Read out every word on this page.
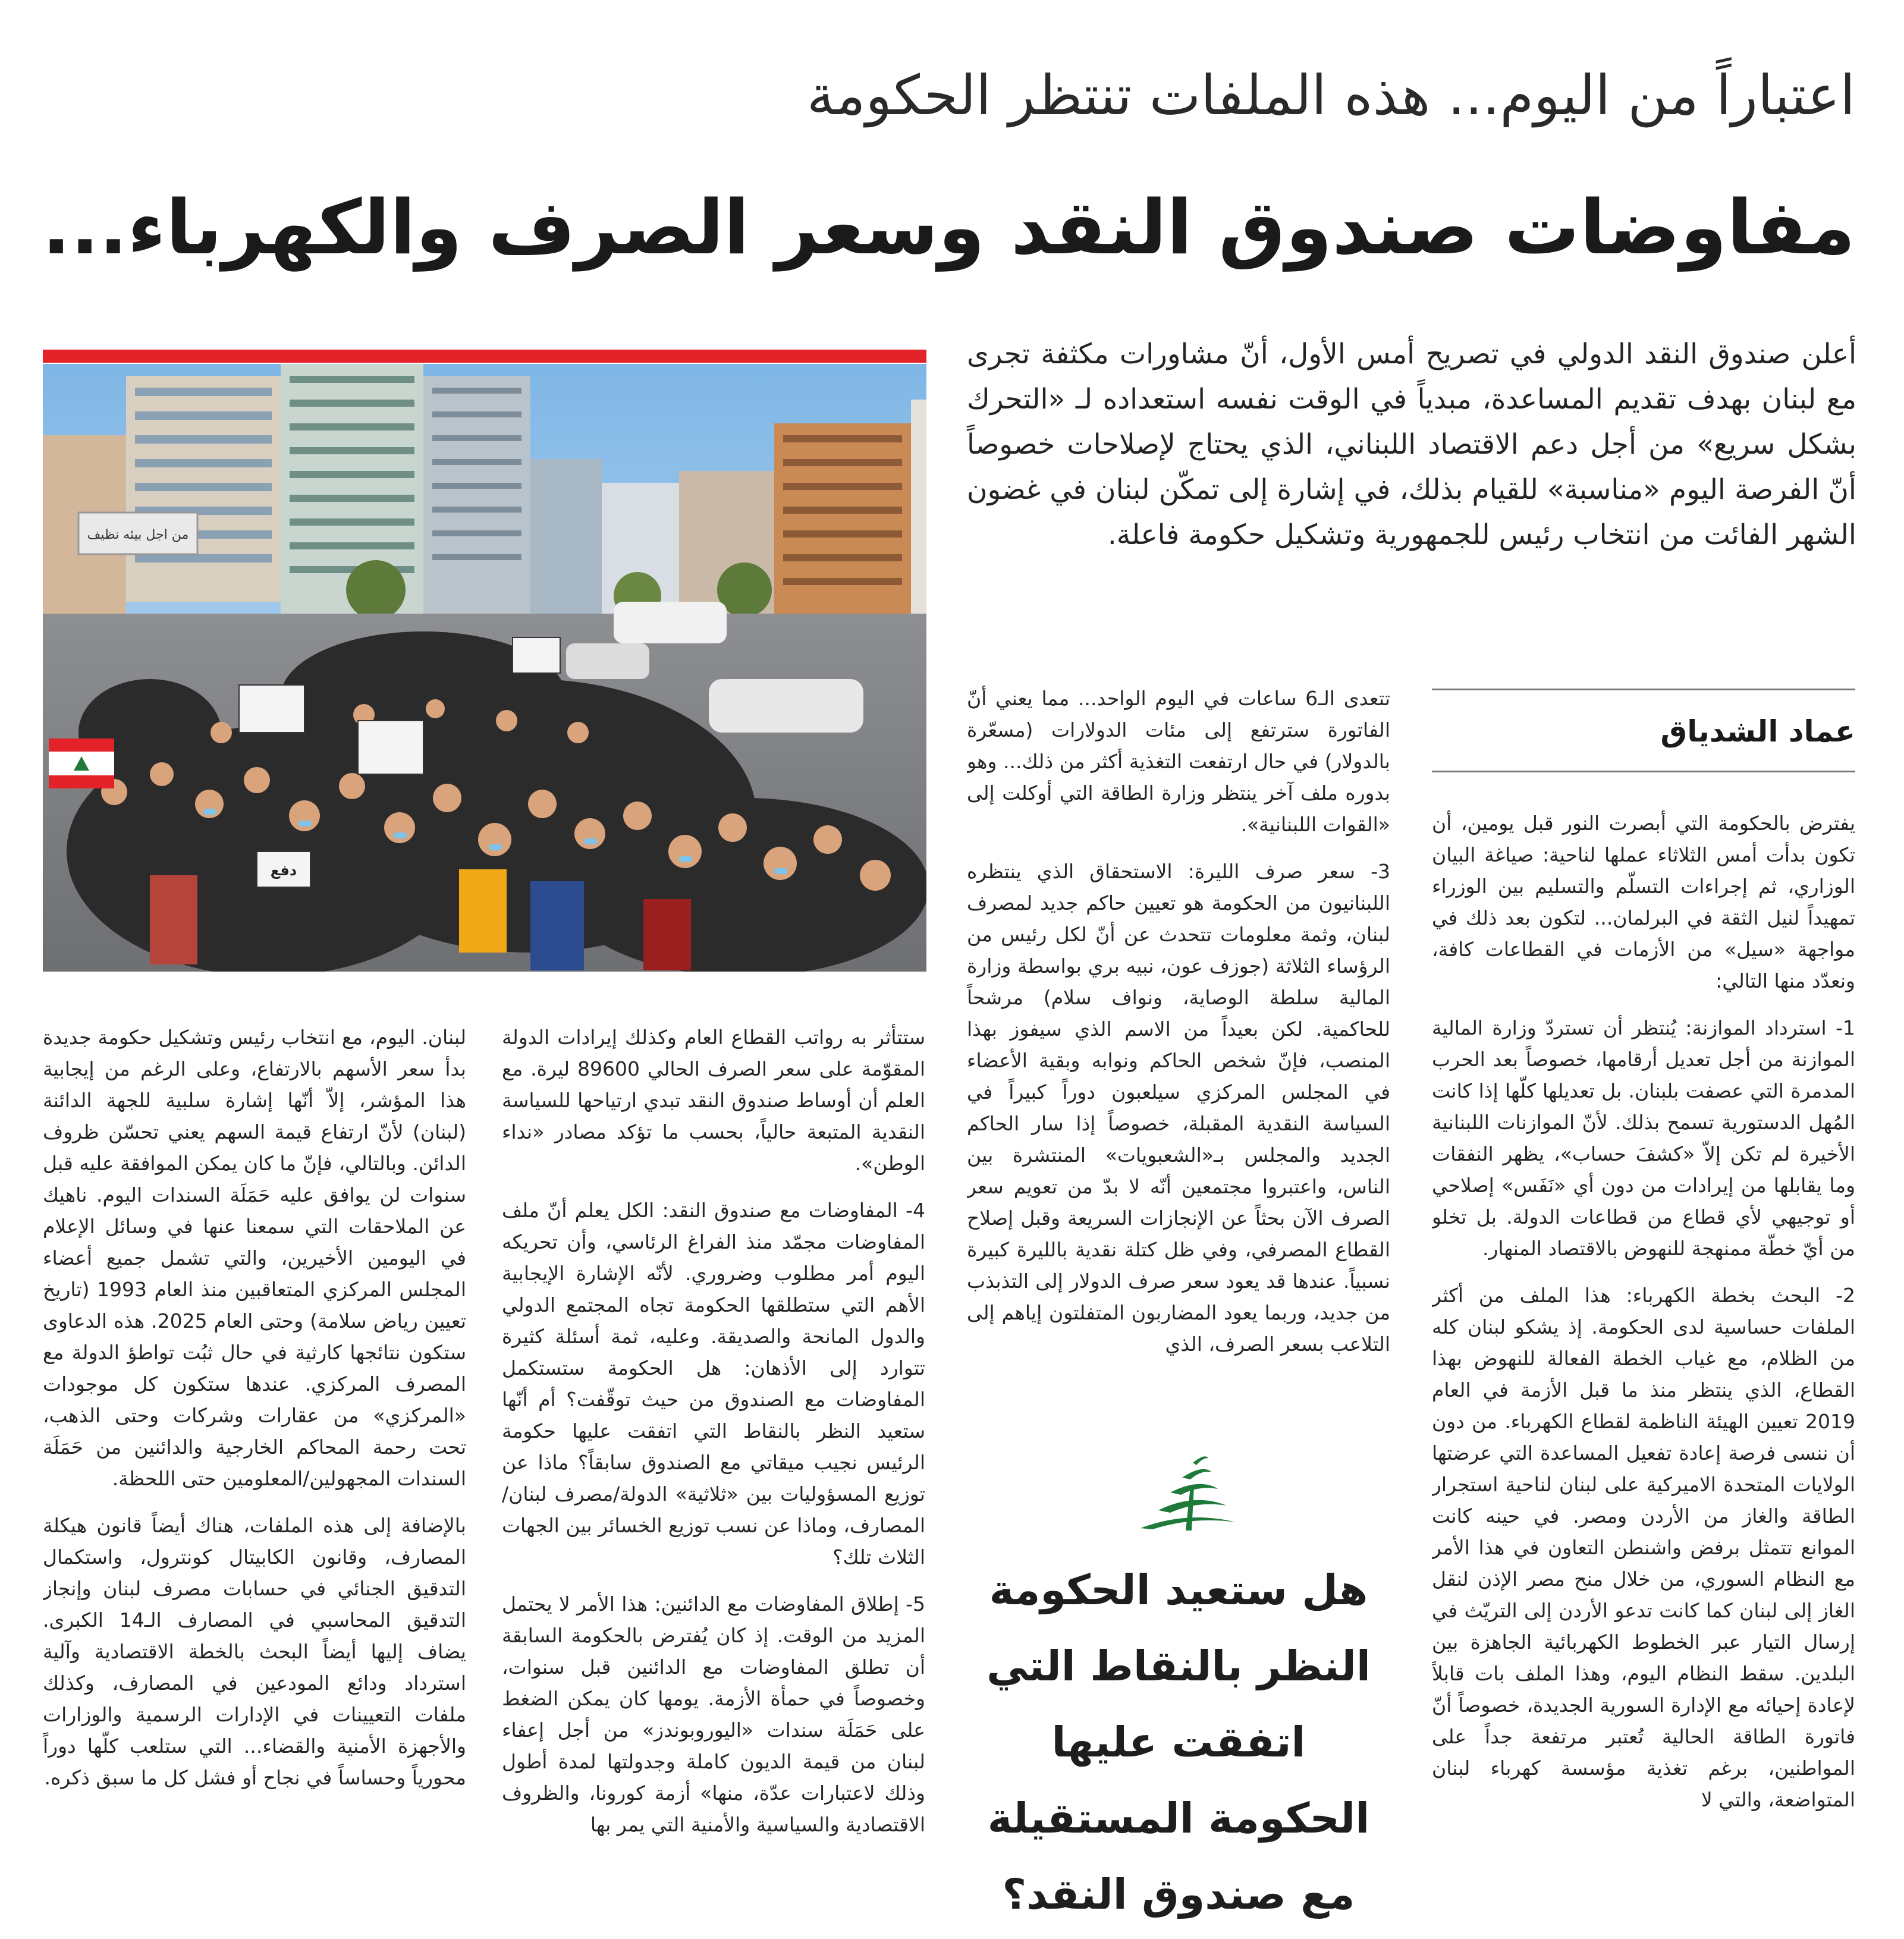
اعتباراً من اليوم... هذه الملفات تنتظر الحكومة
مفاوضات صندوق النقد وسعر الصرف والكهرباء...
أعلن صندوق النقد الدولي في تصريح أمس الأول، أنّ مشاورات مكثفة تجرى مع لبنان بهدف تقديم المساعدة، مبدياً في الوقت نفسه استعداده لـ «التحرك بشكل سريع» من أجل دعم الاقتصاد اللبناني، الذي يحتاج لإصلاحات خصوصاً أنّ الفرصة اليوم «مناسبة» للقيام بذلك، في إشارة إلى تمكّن لبنان في غضون الشهر الفائت من انتخاب رئيس للجمهورية وتشكيل حكومة فاعلة.
عماد الشدياق

يفترض بالحكومة التي أبصرت النور قبل يومين، أن تكون بدأت أمس الثلاثاء عملها لناحية: صياغة البيان الوزاري، ثم إجراءات التسلّم والتسليم بين الوزراء تمهيداً لنيل الثقة في البرلمان... لتكون بعد ذلك في مواجهة «سيل» من الأزمات في القطاعات كافة، ونعدّد منها التالي:

1- استرداد الموازنة: يُنتظر أن تستردّ وزارة المالية الموازنة من أجل تعديل أرقامها، خصوصاً بعد الحرب المدمرة التي عصفت بلبنان. بل تعديلها كلّها إذا كانت المُهل الدستورية تسمح بذلك. لأنّ الموازنات اللبنانية الأخيرة لم تكن إلاّ «كشفَ حساب»، يظهر النفقات وما يقابلها من إيرادات من دون أي «نَفَس» إصلاحي أو توجيهي لأي قطاع من قطاعات الدولة. بل تخلو من أيّ خطّة ممنهجة للنهوض بالاقتصاد المنهار.

2- البحث بخطة الكهرباء: هذا الملف من أكثر الملفات حساسية لدى الحكومة. إذ يشكو لبنان كله من الظلام، مع غياب الخطة الفعالة للنهوض بهذا القطاع، الذي ينتظر منذ ما قبل الأزمة في العام 2019 تعيين الهيئة الناظمة لقطاع الكهرباء. من دون أن ننسى فرصة إعادة تفعيل المساعدة التي عرضتها الولايات المتحدة الاميركية على لبنان لناحية استجرار الطاقة والغاز من الأردن ومصر. في حينه كانت الموانع تتمثل برفض واشنطن التعاون في هذا الأمر مع النظام السوري، من خلال منح مصر الإذن لنقل الغاز إلى لبنان كما كانت تدعو الأردن إلى التريّث في إرسال التيار عبر الخطوط الكهربائية الجاهزة بين البلدين. سقط النظام اليوم، وهذا الملف بات قابلاً لإعادة إحيائه مع الإدارة السورية الجديدة، خصوصاً أنّ فاتورة الطاقة الحالية تُعتبر مرتفعة جداً على المواطنين، برغم تغذية مؤسسة كهرباء لبنان المتواضعة، والتي لا

تتعدى الـ6 ساعات في اليوم الواحد... مما يعني أنّ الفاتورة سترتفع إلى مئات الدولارات (مسعّرة بالدولار) في حال ارتفعت التغذية أكثر من ذلك... وهو بدوره ملف آخر ينتظر وزارة الطاقة التي أوكلت إلى «القوات اللبنانية».

3- سعر صرف الليرة: الاستحقاق الذي ينتظره اللبنانيون من الحكومة هو تعيين حاكم جديد لمصرف لبنان، وثمة معلومات تتحدث عن أنّ لكل رئيس من الرؤساء الثلاثة (جوزف عون، نبيه بري بواسطة وزارة المالية سلطة الوصاية، ونواف سلام) مرشحاً للحاكمية. لكن بعيداً من الاسم الذي سيفوز بهذا المنصب، فإنّ شخص الحاكم ونوابه وبقية الأعضاء في المجلس المركزي سيلعبون دوراً كبيراً في السياسة النقدية المقبلة، خصوصاً إذا سار الحاكم الجديد والمجلس بـ«الشعبويات» المنتشرة بين الناس، واعتبروا مجتمعين أنّه لا بدّ من تعويم سعر الصرف الآن بحثاً عن الإنجازات السريعة وقبل إصلاح القطاع المصرفي، وفي ظل كتلة نقدية بالليرة كبيرة نسبياً. عندها قد يعود سعر صرف الدولار إلى التذبذب من جديد، وربما يعود المضاربون المتفلتون إياهم إلى التلاعب بسعر الصرف، الذي

ستتأثر به رواتب القطاع العام وكذلك إيرادات الدولة المقوّمة على سعر الصرف الحالي 89600 ليرة. مع العلم أن أوساط صندوق النقد تبدي ارتياحها للسياسة النقدية المتبعة حالياً، بحسب ما تؤكد مصادر «نداء الوطن».

4- المفاوضات مع صندوق النقد: الكل يعلم أنّ ملف المفاوضات مجمّد منذ الفراغ الرئاسي، وأن تحريكه اليوم أمر مطلوب وضروري. لأنّه الإشارة الإيجابية الأهم التي ستطلقها الحكومة تجاه المجتمع الدولي والدول المانحة والصديقة. وعليه، ثمة أسئلة كثيرة تتوارد إلى الأذهان: هل الحكومة ستستكمل المفاوضات مع الصندوق من حيث توقّفت؟ أم أنّها ستعيد النظر بالنقاط التي اتفقت عليها حكومة الرئيس نجيب ميقاتي مع الصندوق سابقاً؟ ماذا عن توزيع المسؤوليات بين «ثلاثية» الدولة/مصرف لبنان/المصارف، وماذا عن نسب توزيع الخسائر بين الجهات الثلاث تلك؟

5- إطلاق المفاوضات مع الدائنين: هذا الأمر لا يحتمل المزيد من الوقت. إذ كان يُفترض بالحكومة السابقة أن تطلق المفاوضات مع الدائنين قبل سنوات، وخصوصاً في حمأة الأزمة. يومها كان يمكن الضغط على حَمَلَة سندات «اليوروبوندز» من أجل إعفاء لبنان من قيمة الديون كاملة وجدولتها لمدة أطول وذلك لاعتبارات عدّة، منها» أزمة كورونا، والظروف الاقتصادية والسياسية والأمنية التي يمر بها

لبنان. اليوم، مع انتخاب رئيس وتشكيل حكومة جديدة بدأ سعر الأسهم بالارتفاع، وعلى الرغم من إيجابية هذا المؤشر، إلاّ أنّها إشارة سلبية للجهة الدائنة (لبنان) لأنّ ارتفاع قيمة السهم يعني تحسّن ظروف الدائن. وبالتالي، فإنّ ما كان يمكن الموافقة عليه قبل سنوات لن يوافق عليه حَمَلَة السندات اليوم. ناهيك عن الملاحقات التي سمعنا عنها في وسائل الإعلام في اليومين الأخيرين، والتي تشمل جميع أعضاء المجلس المركزي المتعاقبين منذ العام 1993 (تاريخ تعيين رياض سلامة) وحتى العام 2025. هذه الدعاوى ستكون نتائجها كارثية في حال ثبُت تواطؤ الدولة مع المصرف المركزي. عندها ستكون كل موجودات «المركزي» من عقارات وشركات وحتى الذهب، تحت رحمة المحاكم الخارجية والدائنين من حَمَلَة السندات المجهولين/المعلومين حتى اللحظة.

بالإضافة إلى هذه الملفات، هناك أيضاً قانون هيكلة المصارف، وقانون الكابيتال كونترول، واستكمال التدقيق الجنائي في حسابات مصرف لبنان وإنجاز التدقيق المحاسبي في المصارف الـ14 الكبرى. يضاف إليها أيضاً البحث بالخطة الاقتصادية وآلية استرداد ودائع المودعين في المصارف، وكذلك ملفات التعيينات في الإدارات الرسمية والوزارات والأجهزة الأمنية والقضاء... التي ستلعب كلّها دوراً محورياً وحساساً في نجاح أو فشل كل ما سبق ذكره.

من اجل بيئه نظيف
دفع
هل ستعيد الحكومة النظر بالنقاط التي اتفقت عليها الحكومة المستقيلة مع صندوق النقد؟
